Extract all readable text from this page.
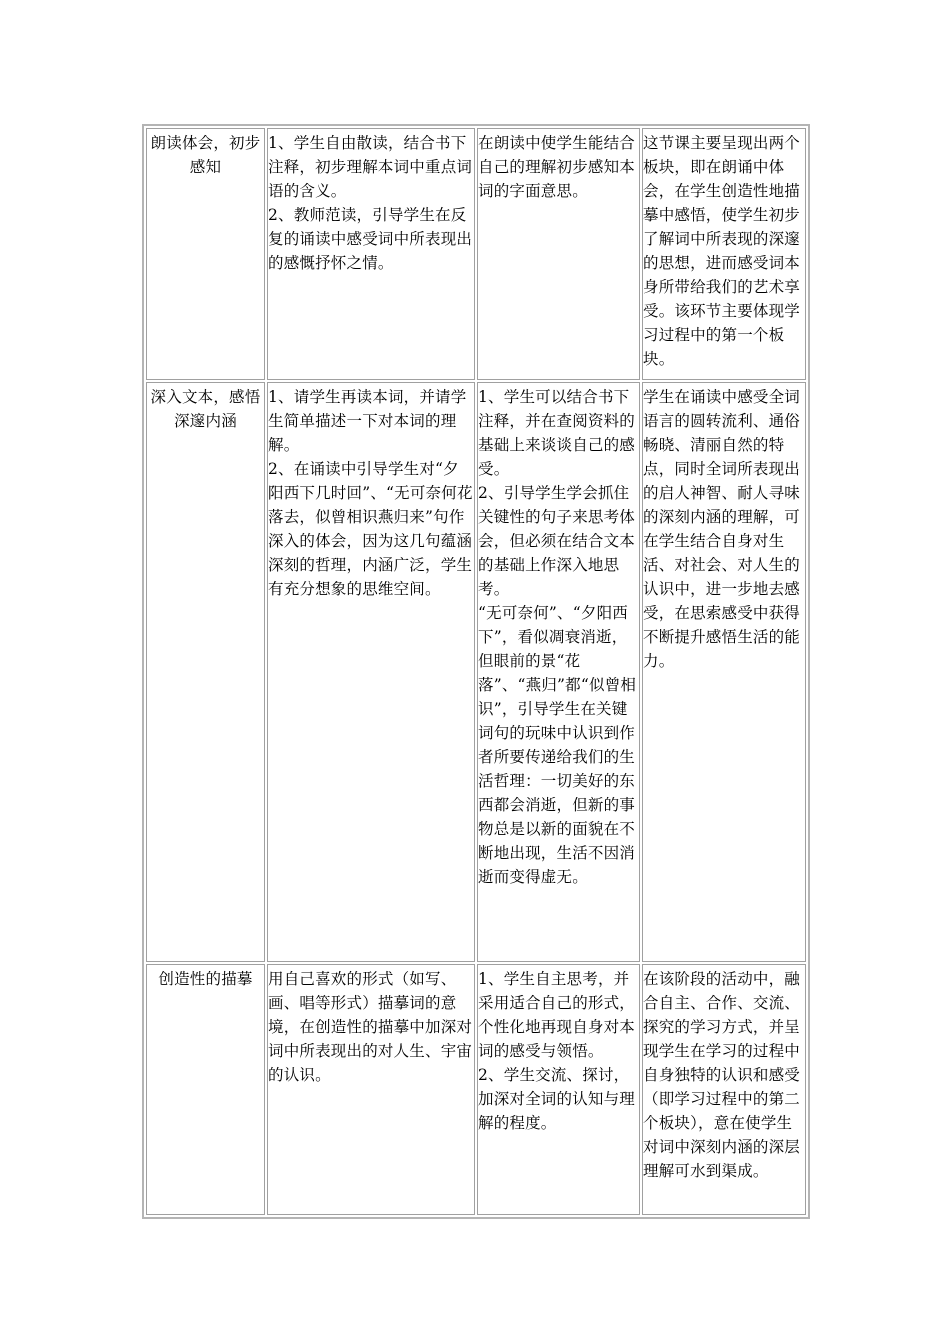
朗读体会，初步感知	1、学生自由散读，结合书下注释，初步理解本词中重点词语的含义。
2、教师范读，引导学生在反复的诵读中感受词中所表现出的感慨抒怀之情。	在朗读中使学生能结合自己的理解初步感知本词的字面意思。	这节课主要呈现出两个板块，即在朗诵中体会，在学生创造性地描摹中感悟，使学生初步了解词中所表现的深邃的思想，进而感受词本身所带给我们的艺术享受。该环节主要体现学习过程中的第一个板块。

深入文本，感悟深邃内涵	1、请学生再读本词，并请学生简单描述一下对本词的理解。
2、在诵读中引导学生对“夕阳西下几时回”、“无可奈何花落去，似曾相识燕归来”句作深入的体会，因为这几句蕴涵深刻的哲理，内涵广泛，学生有充分想象的思维空间。	1、学生可以结合书下注释，并在查阅资料的基础上来谈谈自己的感受。
2、引导学生学会抓住关键性的句子来思考体会，但必须在结合文本的基础上作深入地思考。
“无可奈何”、“夕阳西下”，看似凋衰消逝，但眼前的景“花落”、“燕归”都“似曾相识”，引导学生在关键词句的玩味中认识到作者所要传递给我们的生活哲理：一切美好的东西都会消逝，但新的事物总是以新的面貌在不断地出现，生活不因消逝而变得虚无。	学生在诵读中感受全词语言的圆转流利、通俗畅晓、清丽自然的特点，同时全词所表现出的启人神智、耐人寻味的深刻内涵的理解，可在学生结合自身对生活、对社会、对人生的认识中，进一步地去感受，在思索感受中获得不断提升感悟生活的能力。

创造性的描摹	用自己喜欢的形式（如写、画、唱等形式）描摹词的意境，在创造性的描摹中加深对词中所表现出的对人生、宇宙的认识。	1、学生自主思考，并采用适合自己的形式，个性化地再现自身对本词的感受与领悟。
2、学生交流、探讨，加深对全词的认知与理解的程度。	在该阶段的活动中，融合自主、合作、交流、探究的学习方式，并呈现学生在学习的过程中自身独特的认识和感受（即学习过程中的第二个板块），意在使学生对词中深刻内涵的深层理解可水到渠成。
